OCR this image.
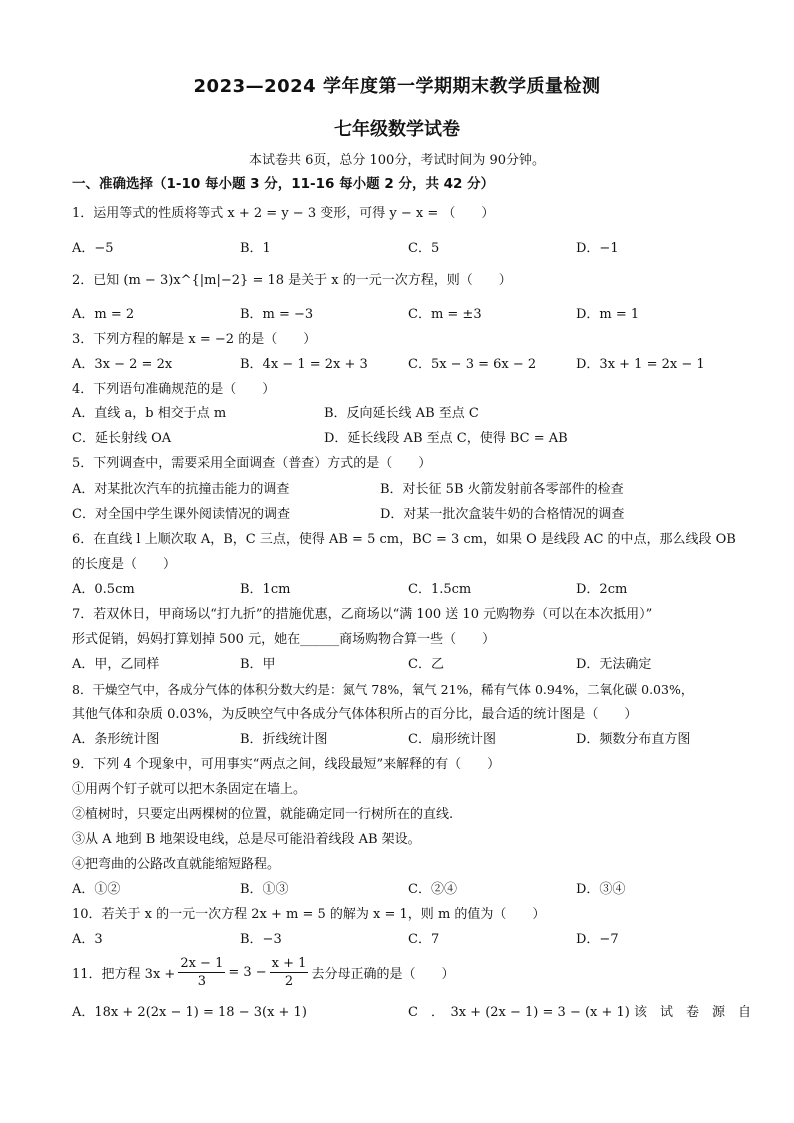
2023—2024 学年度第一学期期末教学质量检测
七年级数学试卷
本试卷共 6页，总分 100分，考试时间为 90分钟。
一、准确选择（1-10 每小题 3 分，11-16 每小题 2 分，共 42 分）
1．运用等式的性质将等式 x + 2 = y − 3 变形，可得 y − x = （　　）
A．−5	B．1	C．5	D．−1
2．已知 (m − 3)x^{|m|−2} = 18 是关于 x 的一元一次方程，则（　　）
A．m = 2	B．m = −3	C．m = ±3	D．m = 1
3．下列方程的解是 x = −2 的是（　　）
A．3x − 2 = 2x	B．4x − 1 = 2x + 3	C．5x − 3 = 6x − 2	D．3x + 1 = 2x − 1
4．下列语句准确规范的是（　　）
A．直线 a，b 相交于点 m	B．反向延长线 AB 至点 C
C．延长射线 OA	D．延长线段 AB 至点 C，使得 BC = AB
5．下列调查中，需要采用全面调查（普查）方式的是（　　）
A．对某批次汽车的抗撞击能力的调查	B．对长征 5B 火箭发射前各零部件的检查
C．对全国中学生课外阅读情况的调查	D．对某一批次盒装牛奶的合格情况的调查
6．在直线 l 上顺次取 A，B，C 三点，使得 AB = 5 cm，BC = 3 cm，如果 O 是线段 AC 的中点，那么线段 OB
的长度是（　　）
A．0.5cm	B．1cm	C．1.5cm	D．2cm
7．若双休日，甲商场以“打九折”的措施优惠，乙商场以“满 100 送 10 元购物券（可以在本次抵用）”
形式促销，妈妈打算划掉 500 元，她在______商场购物合算一些（　　）
A．甲，乙同样	B．甲	C．乙	D．无法确定
8．干燥空气中，各成分气体的体积分数大约是：氮气 78%，氧气 21%，稀有气体 0.94%，二氧化碳 0.03%，
其他气体和杂质 0.03%，为反映空气中各成分气体体积所占的百分比，最合适的统计图是（　　）
A．条形统计图	B．折线统计图	C．扇形统计图	D．频数分布直方图
9．下列 4 个现象中，可用事实“两点之间，线段最短”来解释的有（　　）
①用两个钉子就可以把木条固定在墙上。
②植树时，只要定出两棵树的位置，就能确定同一行树所在的直线.
③从 A 地到 B 地架设电线，总是尽可能沿着线段 AB 架设。
④把弯曲的公路改直就能缩短路程。
A．①②	B．①③	C．②④	D．③④
10．若关于 x 的一元一次方程 2x + m = 5 的解为 x = 1，则 m 的值为（　　）
A．3	B．−3	C．7	D．−7
11．把方程 $3x + \frac{2x - 1}{3} = 3 - \frac{x + 1}{2}$ 去分母正确的是（　　）
A．18x + 2(2x − 1) = 18 − 3(x + 1)	C　．　3x + (2x − 1) = 3 − (x + 1) 该　试　卷　源　自
